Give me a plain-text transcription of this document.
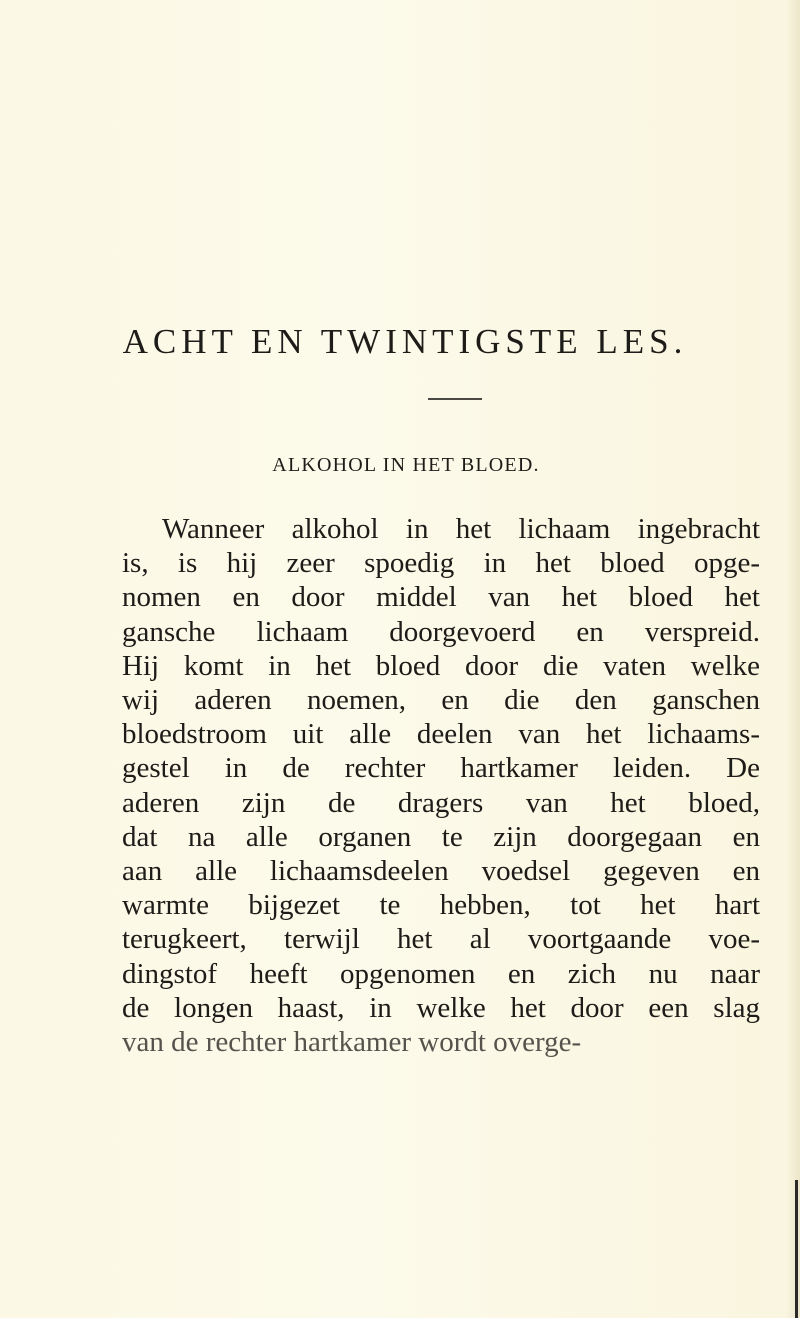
ACHT EN TWINTIGSTE LES.
ALKOHOL IN HET BLOED.
Wanneer alkohol in het lichaam ingebracht
is, is hij zeer spoedig in het bloed opge-
nomen en door middel van het bloed het
gansche lichaam doorgevoerd en verspreid.
Hij komt in het bloed door die vaten welke
wij aderen noemen, en die den ganschen
bloedstroom uit alle deelen van het lichaams-
gestel in de rechter hartkamer leiden. De
aderen zijn de dragers van het bloed,
dat na alle organen te zijn doorgegaan en
aan alle lichaamsdeelen voedsel gegeven en
warmte bijgezet te hebben, tot het hart
terugkeert, terwijl het al voortgaande voe-
dingstof heeft opgenomen en zich nu naar
de longen haast, in welke het door een slag
van de rechter hartkamer wordt overge-
